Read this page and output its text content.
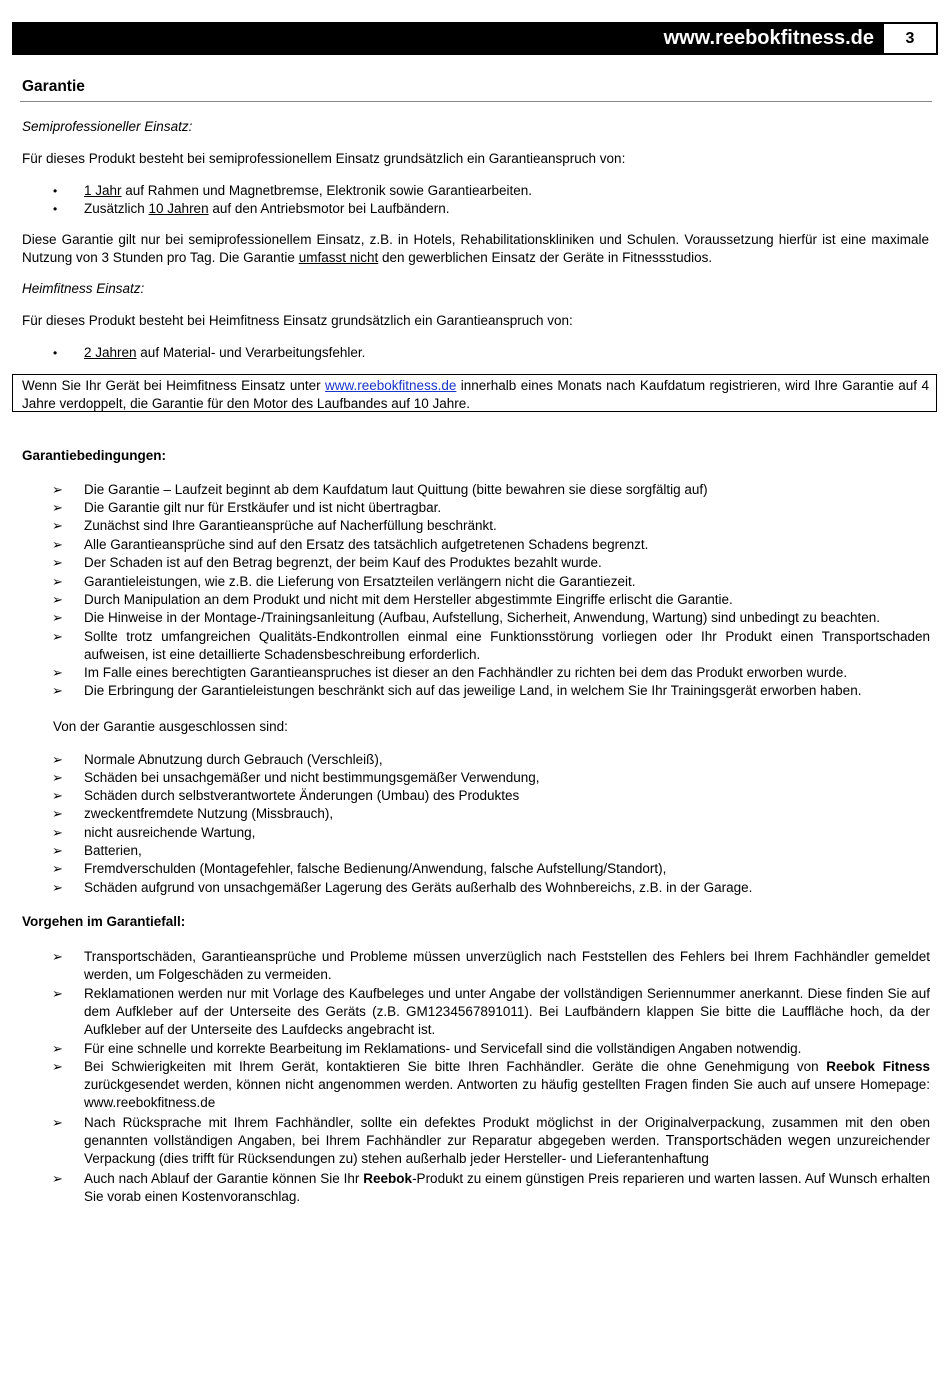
www.reebokfitness.de	3
Garantie
Semiprofessioneller Einsatz:
Für dieses Produkt besteht bei semiprofessionellem Einsatz grundsätzlich ein Garantieanspruch von:
• 1 Jahr auf Rahmen und Magnetbremse, Elektronik sowie Garantiearbeiten.
• Zusätzlich 10 Jahren auf den Antriebsmotor bei Laufbändern.
Diese Garantie gilt nur bei semiprofessionellem Einsatz, z.B. in Hotels, Rehabilitationskliniken und Schulen. Voraussetzung hierfür ist eine maximale Nutzung von 3 Stunden pro Tag. Die Garantie umfasst nicht den gewerblichen Einsatz der Geräte in Fitnessstudios.
Heimfitness Einsatz:
Für dieses Produkt besteht bei Heimfitness Einsatz grundsätzlich ein Garantieanspruch von:
• 2 Jahren auf Material- und Verarbeitungsfehler.
Wenn Sie Ihr Gerät bei Heimfitness Einsatz unter www.reebokfitness.de innerhalb eines Monats nach Kaufdatum registrieren, wird Ihre Garantie auf 4 Jahre verdoppelt, die Garantie für den Motor des Laufbandes auf 10 Jahre.
Garantiebedingungen:
➢ Die Garantie – Laufzeit beginnt ab dem Kaufdatum laut Quittung (bitte bewahren sie diese sorgfältig auf)
➢ Die Garantie gilt nur für Erstkäufer und ist nicht übertragbar.
➢ Zunächst sind Ihre Garantieansprüche auf Nacherfüllung beschränkt.
➢ Alle Garantieansprüche sind auf den Ersatz des tatsächlich aufgetretenen Schadens begrenzt.
➢ Der Schaden ist auf den Betrag begrenzt, der beim Kauf des Produktes bezahlt wurde.
➢ Garantieleistungen, wie z.B. die Lieferung von Ersatzteilen verlängern nicht die Garantiezeit.
➢ Durch Manipulation an dem Produkt und nicht mit dem Hersteller abgestimmte Eingriffe erlischt die Garantie.
➢ Die Hinweise in der Montage-/Trainingsanleitung (Aufbau, Aufstellung, Sicherheit, Anwendung, Wartung) sind unbedingt zu beachten.
➢ Sollte trotz umfangreichen Qualitäts-Endkontrollen einmal eine Funktionsstörung vorliegen oder Ihr Produkt einen Transportschaden aufweisen, ist eine detaillierte Schadensbeschreibung erforderlich.
➢ Im Falle eines berechtigten Garantieanspruches ist dieser an den Fachhändler zu richten bei dem das Produkt erworben wurde.
➢ Die Erbringung der Garantieleistungen beschränkt sich auf das jeweilige Land, in welchem Sie Ihr Trainingsgerät erworben haben.
Von der Garantie ausgeschlossen sind:
➢ Normale Abnutzung durch Gebrauch (Verschleiß),
➢ Schäden bei unsachgemäßer und nicht bestimmungsgemäßer Verwendung,
➢ Schäden durch selbstverantwortete Änderungen (Umbau) des Produktes
➢ zweckentfremdete Nutzung (Missbrauch),
➢ nicht ausreichende Wartung,
➢ Batterien,
➢ Fremdverschulden (Montagefehler, falsche Bedienung/Anwendung, falsche Aufstellung/Standort),
➢ Schäden aufgrund von unsachgemäßer Lagerung des Geräts außerhalb des Wohnbereichs, z.B. in der Garage.
Vorgehen im Garantiefall:
➢ Transportschäden, Garantieansprüche und Probleme müssen unverzüglich nach Feststellen des Fehlers bei Ihrem Fachhändler gemeldet werden, um Folgeschäden zu vermeiden.
➢ Reklamationen werden nur mit Vorlage des Kaufbeleges und unter Angabe der vollständigen Seriennummer anerkannt. Diese finden Sie auf dem Aufkleber auf der Unterseite des Geräts (z.B. GM1234567891011). Bei Laufbändern klappen Sie bitte die Lauffläche hoch, da der Aufkleber auf der Unterseite des Laufdecks angebracht ist.
➢ Für eine schnelle und korrekte Bearbeitung im Reklamations- und Servicefall sind die vollständigen Angaben notwendig.
➢ Bei Schwierigkeiten mit Ihrem Gerät, kontaktieren Sie bitte Ihren Fachhändler. Geräte die ohne Genehmigung von Reebok Fitness zurückgesendet werden, können nicht angenommen werden. Antworten zu häufig gestellten Fragen finden Sie auch auf unsere Homepage: www.reebokfitness.de
➢ Nach Rücksprache mit Ihrem Fachhändler, sollte ein defektes Produkt möglichst in der Originalverpackung, zusammen mit den oben genannten vollständigen Angaben, bei Ihrem Fachhändler zur Reparatur abgegeben werden. Transportschäden wegen unzureichender Verpackung (dies trifft für Rücksendungen zu) stehen außerhalb jeder Hersteller- und Lieferantenhaftung
➢ Auch nach Ablauf der Garantie können Sie Ihr Reebok-Produkt zu einem günstigen Preis reparieren und warten lassen. Auf Wunsch erhalten Sie vorab einen Kostenvoranschlag.
